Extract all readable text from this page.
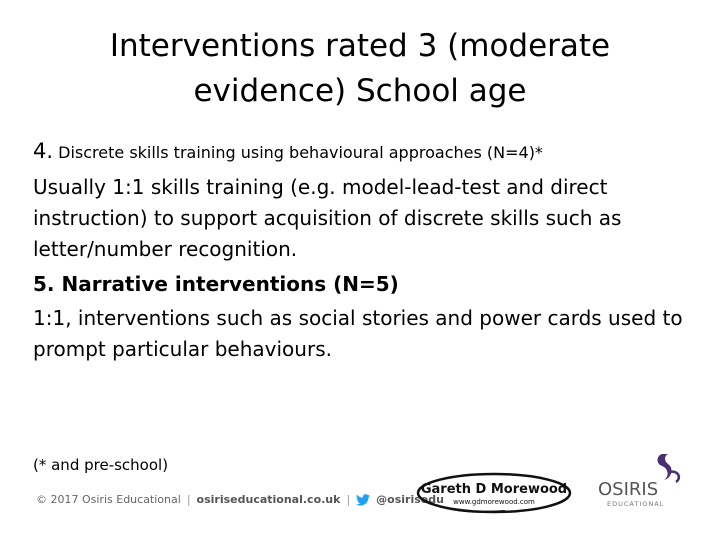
Interventions rated 3 (moderate
evidence) School age

4. Discrete skills training using behavioural approaches (N=4)*

Usually 1:1 skills training (e.g. model-lead-test and direct instruction) to support acquisition of discrete skills such as letter/number recognition.

5. Narrative interventions (N=5)

1:1, interventions such as social stories and power cards used to prompt particular behaviours.

(* and pre-school)
© 2017 Osiris Educational | osiriseducational.co.uk | @osirisedu
Gareth D Morewood
www.gdmorewood.com
OSIRIS
EDUCATIONAL
